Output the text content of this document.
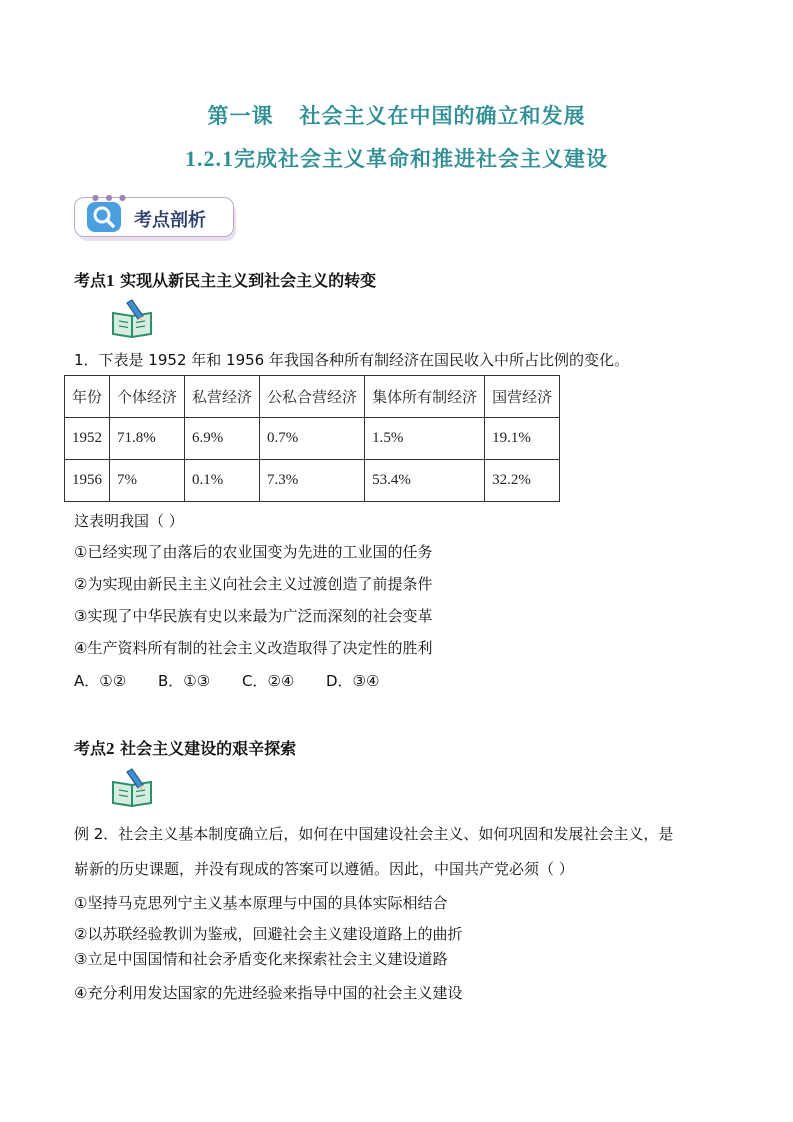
第一课 社会主义在中国的确立和发展
1.2.1完成社会主义革命和推进社会主义建设
● ● ●
考点剖析
考点1 实现从新民主主义到社会主义的转变
1．下表是 1952 年和 1956 年我国各种所有制经济在国民收入中所占比例的变化。
年份	个体经济	私营经济	公私合营经济	集体所有制经济	国营经济
1952	71.8%	6.9%	0.7%	1.5%	19.1%
1956	7%	0.1%	7.3%	53.4%	32.2%
这表明我国（ ）
①已经实现了由落后的农业国变为先进的工业国的任务
②为实现由新民主主义向社会主义过渡创造了前提条件
③实现了中华民族有史以来最为广泛而深刻的社会变革
④生产资料所有制的社会主义改造取得了决定性的胜利
A．①② B．①③ C．②④ D．③④
考点2 社会主义建设的艰辛探索
例 2．社会主义基本制度确立后，如何在中国建设社会主义、如何巩固和发展社会主义，是
崭新的历史课题，并没有现成的答案可以遵循。因此，中国共产党必须（ ）
①坚持马克思列宁主义基本原理与中国的具体实际相结合
②以苏联经验教训为鉴戒，回避社会主义建设道路上的曲折
③立足中国国情和社会矛盾变化来探索社会主义建设道路
④充分利用发达国家的先进经验来指导中国的社会主义建设
